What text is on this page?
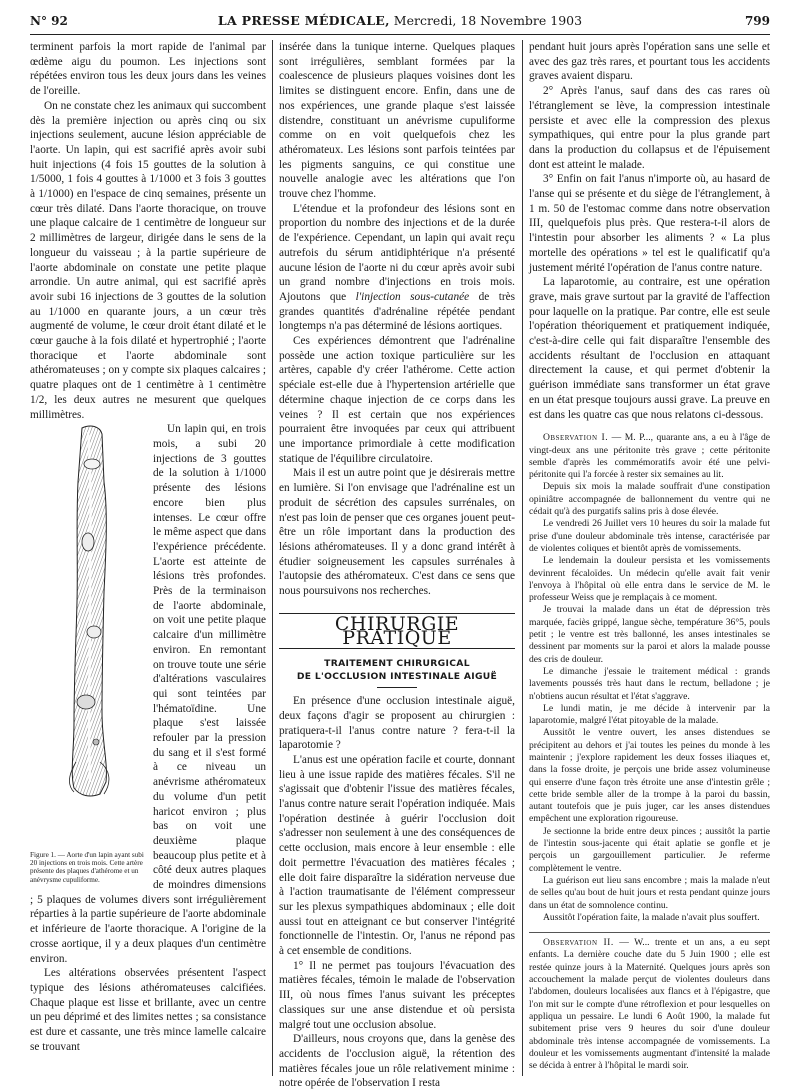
N° 92	LA PRESSE MÉDICALE, Mercredi, 18 Novembre 1903	799

terminent parfois la mort rapide de l'animal par œdème aigu du poumon. Les injections sont répétées environ tous les deux jours dans les veines de l'oreille.

On ne constate chez les animaux qui succombent dès la première injection ou après cinq ou six injections seulement, aucune lésion appréciable de l'aorte. Un lapin, qui est sacrifié après avoir subi huit injections (4 fois 15 gouttes de la solution à 1/5000, 1 fois 4 gouttes à 1/1000 et 3 fois 3 gouttes à 1/1000) en l'espace de cinq semaines, présente un cœur très dilaté. Dans l'aorte thoracique, on trouve une plaque calcaire de 1 centimètre de longueur sur 2 millimètres de largeur, dirigée dans le sens de la longueur du vaisseau ; à la partie supérieure de l'aorte abdominale on constate une petite plaque arrondie. Un autre animal, qui est sacrifié après avoir subi 16 injections de 3 gouttes de la solution au 1/1000 en quarante jours, a un cœur très augmenté de volume, le cœur droit étant dilaté et le cœur gauche à la fois dilaté et hypertrophié ; l'aorte thoracique et l'aorte abdominale sont athéromateuses ; on y compte six plaques calcaires ; quatre plaques ont de 1 centimètre à 1 centimètre 1/2, les deux autres ne mesurent que quelques millimètres.

Figure 1. — Aorte d'un lapin ayant subi 20 injections en trois mois. Cette artère présente des plaques d'athérome et un anévrysme cupuliforme.

Un lapin qui, en trois mois, a subi 20 injections de 3 gouttes de la solution à 1/1000 présente des lésions encore bien plus intenses. Le cœur offre le même aspect que dans l'expérience précédente. L'aorte est atteinte de lésions très profondes. Près de la terminaison de l'aorte abdominale, on voit une petite plaque calcaire d'un millimètre environ. En remontant on trouve toute une série d'altérations vasculaires qui sont teintées par l'hématoïdine. Une plaque s'est laissée refouler par la pression du sang et il s'est formé à ce niveau un anévrisme athéromateux du volume d'un petit haricot environ ; plus bas on voit une deuxième plaque beaucoup plus petite et à côté deux autres plaques de moindres dimensions ; 5 plaques de volumes divers sont irrégulièrement réparties à la partie supérieure de l'aorte abdominale et inférieure de l'aorte thoracique. A l'origine de la crosse aortique, il y a deux plaques d'un centimètre environ.

Les altérations observées présentent l'aspect typique des lésions athéromateuses calcifiées. Chaque plaque est lisse et brillante, avec un centre un peu déprimé et des limites nettes ; sa consistance est dure et cassante, une très mince lamelle calcaire se trouvant

insérée dans la tunique interne. Quelques plaques sont irrégulières, semblant formées par la coalescence de plusieurs plaques voisines dont les limites se distinguent encore. Enfin, dans une de nos expériences, une grande plaque s'est laissée distendre, constituant un anévrisme cupuliforme comme on en voit quelquefois chez les athéromateux. Les lésions sont parfois teintées par les pigments sanguins, ce qui constitue une nouvelle analogie avec les altérations que l'on trouve chez l'homme.

L'étendue et la profondeur des lésions sont en proportion du nombre des injections et de la durée de l'expérience. Cependant, un lapin qui avait reçu autrefois du sérum antidiphtérique n'a présenté aucune lésion de l'aorte ni du cœur après avoir subi un grand nombre d'injections en trois mois. Ajoutons que l'injection sous-cutanée de très grandes quantités d'adrénaline répétée pendant longtemps n'a pas déterminé de lésions aortiques.

Ces expériences démontrent que l'adrénaline possède une action toxique particulière sur les artères, capable d'y créer l'athérome. Cette action spéciale est-elle due à l'hypertension artérielle que détermine chaque injection de ce corps dans les veines ? Il est certain que nos expériences pourraient être invoquées par ceux qui attribuent une importance primordiale à cette modification statique de l'équilibre circulatoire.

Mais il est un autre point que je désirerais mettre en lumière. Si l'on envisage que l'adrénaline est un produit de sécrétion des capsules surrénales, on n'est pas loin de penser que ces organes jouent peut-être un rôle important dans la production des lésions athéromateuses. Il y a donc grand intérêt à étudier soigneusement les capsules surrénales à l'autopsie des athéromateux. C'est dans ce sens que nous poursuivons nos recherches.

CHIRURGIE PRATIQUE
TRAITEMENT CHIRURGICAL
DE L'OCCLUSION INTESTINALE AIGUË

En présence d'une occlusion intestinale aiguë, deux façons d'agir se proposent au chirurgien : pratiquera-t-il l'anus contre nature ? fera-t-il la laparotomie ?

L'anus est une opération facile et courte, donnant lieu à une issue rapide des matières fécales. S'il ne s'agissait que d'obtenir l'issue des matières fécales, l'anus contre nature serait l'opération indiquée. Mais l'opération destinée à guérir l'occlusion doit s'adresser non seulement à une des conséquences de cette occlusion, mais encore à leur ensemble : elle doit permettre l'évacuation des matières fécales ; elle doit faire disparaître la sidération nerveuse due à l'action traumatisante de l'élément compresseur sur les plexus sympathiques abdominaux ; elle doit aussi tout en atteignant ce but conserver l'intégrité fonctionnelle de l'intestin. Or, l'anus ne répond pas à cet ensemble de conditions.

1° Il ne permet pas toujours l'évacuation des matières fécales, témoin le malade de l'observation III, où nous fîmes l'anus suivant les préceptes classiques sur une anse distendue et où persista malgré tout une occlusion absolue.

D'ailleurs, nous croyons que, dans la genèse des accidents de l'occlusion aiguë, la rétention des matières fécales joue un rôle relativement minime : notre opérée de l'observation I resta

pendant huit jours après l'opération sans une selle et avec des gaz très rares, et pourtant tous les accidents graves avaient disparu.

2° Après l'anus, sauf dans des cas rares où l'étranglement se lève, la compression intestinale persiste et avec elle la compression des plexus sympathiques, qui entre pour la plus grande part dans la production du collapsus et de l'épuisement dont est atteint le malade.

3° Enfin on fait l'anus n'importe où, au hasard de l'anse qui se présente et du siège de l'étranglement, à 1 m. 50 de l'estomac comme dans notre observation III, quelquefois plus près. Que restera-t-il alors de l'intestin pour absorber les aliments ? « La plus mortelle des opérations » tel est le qualificatif qu'a justement mérité l'opération de l'anus contre nature.

La laparotomie, au contraire, est une opération grave, mais grave surtout par la gravité de l'affection pour laquelle on la pratique. Par contre, elle est seule l'opération théoriquement et pratiquement indiquée, c'est-à-dire celle qui fait disparaître l'ensemble des accidents résultant de l'occlusion en attaquant directement la cause, et qui permet d'obtenir la guérison immédiate sans transformer un état grave en un état presque toujours aussi grave. La preuve en est dans les quatre cas que nous relatons ci-dessous.

Observation I. — M. P..., quarante ans, a eu à l'âge de vingt-deux ans une péritonite très grave ; cette péritonite semble d'après les commémoratifs avoir été une pelvi-péritonite qui l'a forcée à rester six semaines au lit.

Depuis six mois la malade souffrait d'une constipation opiniâtre accompagnée de ballonnement du ventre qui ne cédait qu'à des purgatifs salins pris à dose élevée.

Le vendredi 26 Juillet vers 10 heures du soir la malade fut prise d'une douleur abdominale très intense, caractérisée par de violentes coliques et bientôt après de vomissements.

Le lendemain la douleur persista et les vomissements devinrent fécaloïdes. Un médecin qu'elle avait fait venir l'envoya à l'hôpital où elle entra dans le service de M. le professeur Weiss que je remplaçais à ce moment.

Je trouvai la malade dans un état de dépression très marquée, faciès grippé, langue sèche, température 36°5, pouls petit ; le ventre est très ballonné, les anses intestinales se dessinent par moments sur la paroi et alors la malade pousse des cris de douleur.

Le dimanche j'essaie le traitement médical : grands lavements poussés très haut dans le rectum, belladone ; je n'obtiens aucun résultat et l'état s'aggrave.

Le lundi matin, je me décide à intervenir par la laparotomie, malgré l'état pitoyable de la malade.

Aussitôt le ventre ouvert, les anses distendues se précipitent au dehors et j'ai toutes les peines du monde à les maintenir ; j'explore rapidement les deux fosses iliaques et, dans la fosse droite, je perçois une bride assez volumineuse qui enserre d'une façon très étroite une anse d'intestin grêle ; cette bride semble aller de la trompe à la paroi du bassin, autant toutefois que je puis juger, car les anses distendues empêchent une exploration rigoureuse.

Je sectionne la bride entre deux pinces ; aussitôt la partie de l'intestin sous-jacente qui était aplatie se gonfle et je perçois un gargouillement particulier. Je referme complètement le ventre.

La guérison eut lieu sans encombre ; mais la malade n'eut de selles qu'au bout de huit jours et resta pendant quinze jours dans un état de somnolence continu.

Aussitôt l'opération faite, la malade n'avait plus souffert.

Observation II. — W... trente et un ans, a eu sept enfants. La dernière couche date du 5 Juin 1900 ; elle est restée quinze jours à la Maternité. Quelques jours après son accouchement la malade perçut de violentes douleurs dans l'abdomen, douleurs localisées aux flancs et à l'épigastre, que l'on mit sur le compte d'une rétroflexion et pour lesquelles on appliqua un pessaire. Le lundi 6 Août 1900, la malade fut subitement prise vers 9 heures du soir d'une douleur abdominale très intense accompagnée de vomissements. La douleur et les vomissements augmentant d'intensité la malade se décida à entrer à l'hôpital le mardi soir.
